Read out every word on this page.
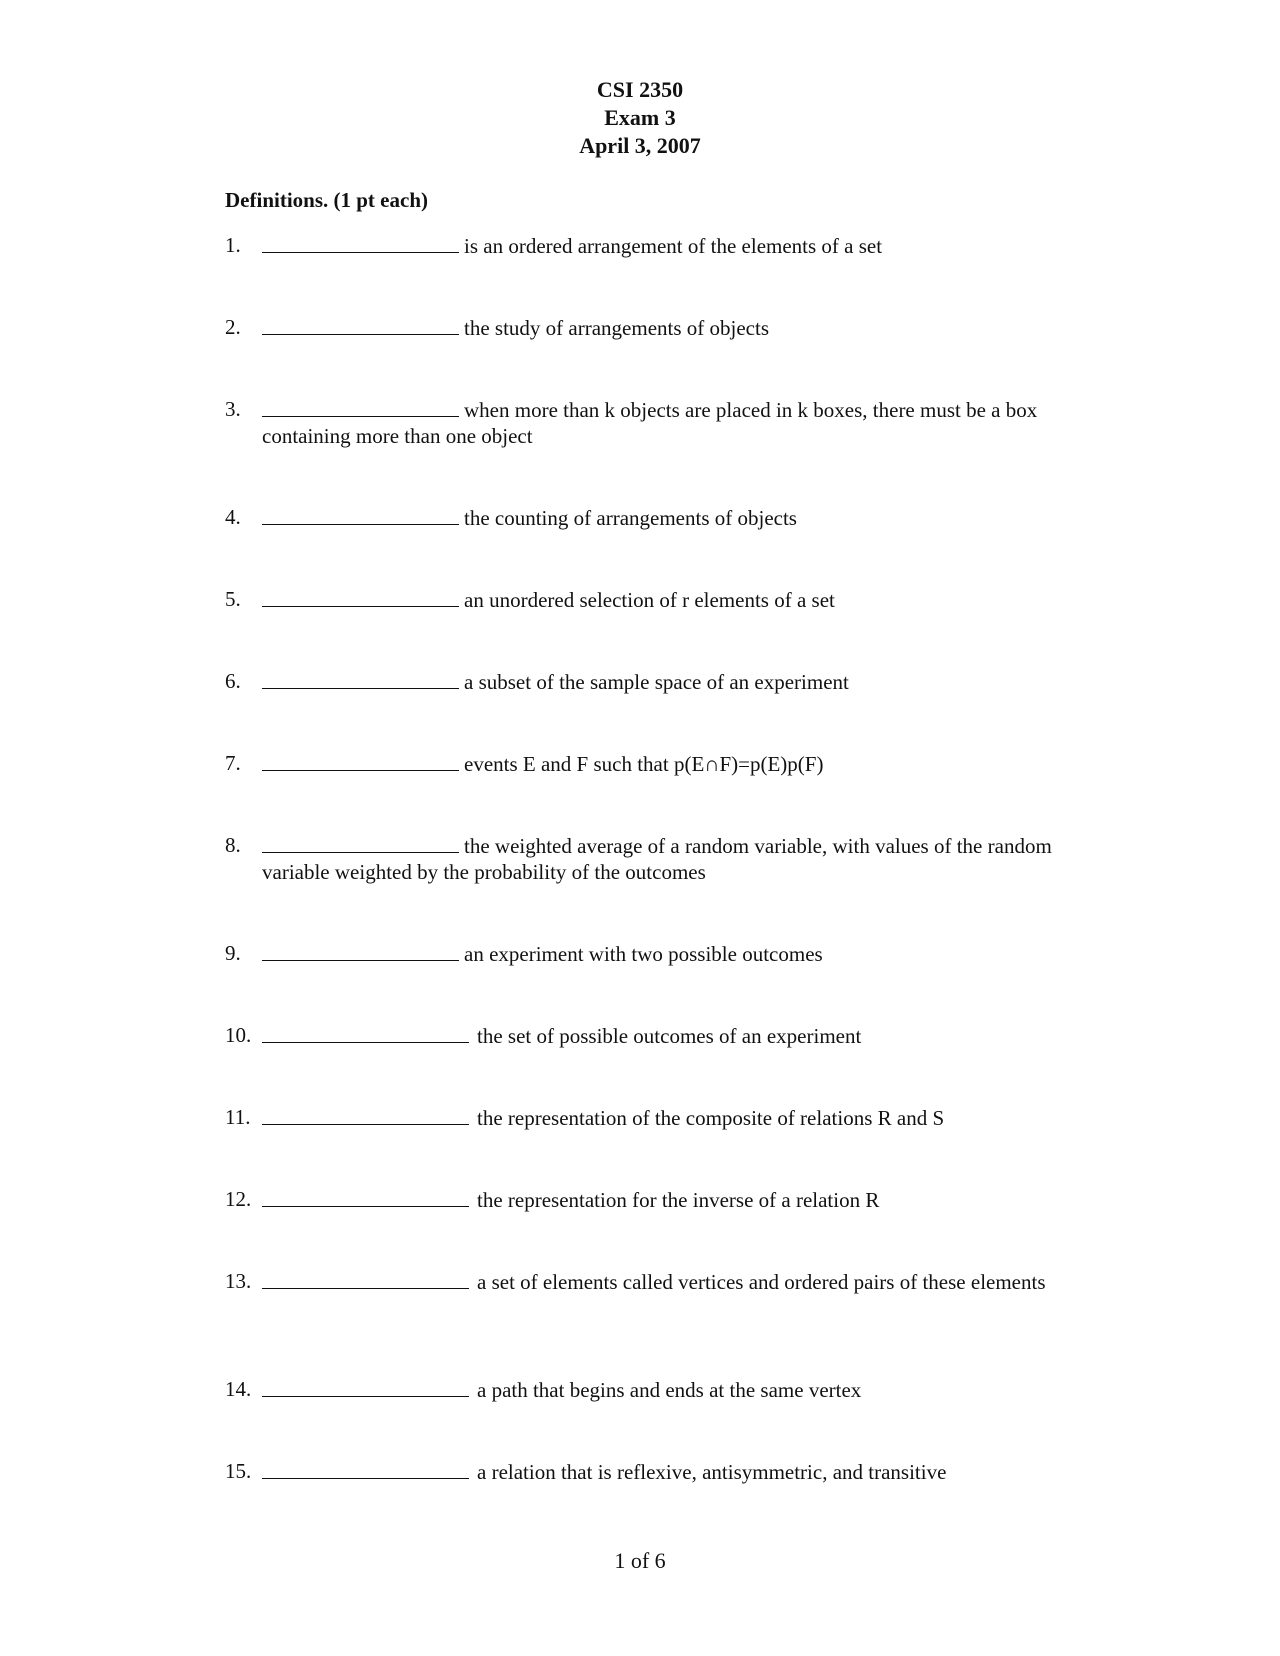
CSI 2350
Exam 3
April 3, 2007
Definitions. (1 pt each)
1.	is an ordered arrangement of the elements of a set
2.	the study of arrangements of objects
3.	when more than k objects are placed in k boxes, there must be a box containing more than one object
4.	the counting of arrangements of objects
5.	an unordered selection of r elements of a set
6.	a subset of the sample space of an experiment
7.	events E and F such that p(E∩F)=p(E)p(F)
8.	the weighted average of a random variable, with values of the random variable weighted by the probability of the outcomes
9.	an experiment with two possible outcomes
10.	the set of possible outcomes of an experiment
11.	the representation of the composite of relations R and S
12.	the representation for the inverse of a relation R
13.	a set of elements called vertices and ordered pairs of these elements
14.	a path that begins and ends at the same vertex
15.	a relation that is reflexive, antisymmetric, and transitive
1 of 6
